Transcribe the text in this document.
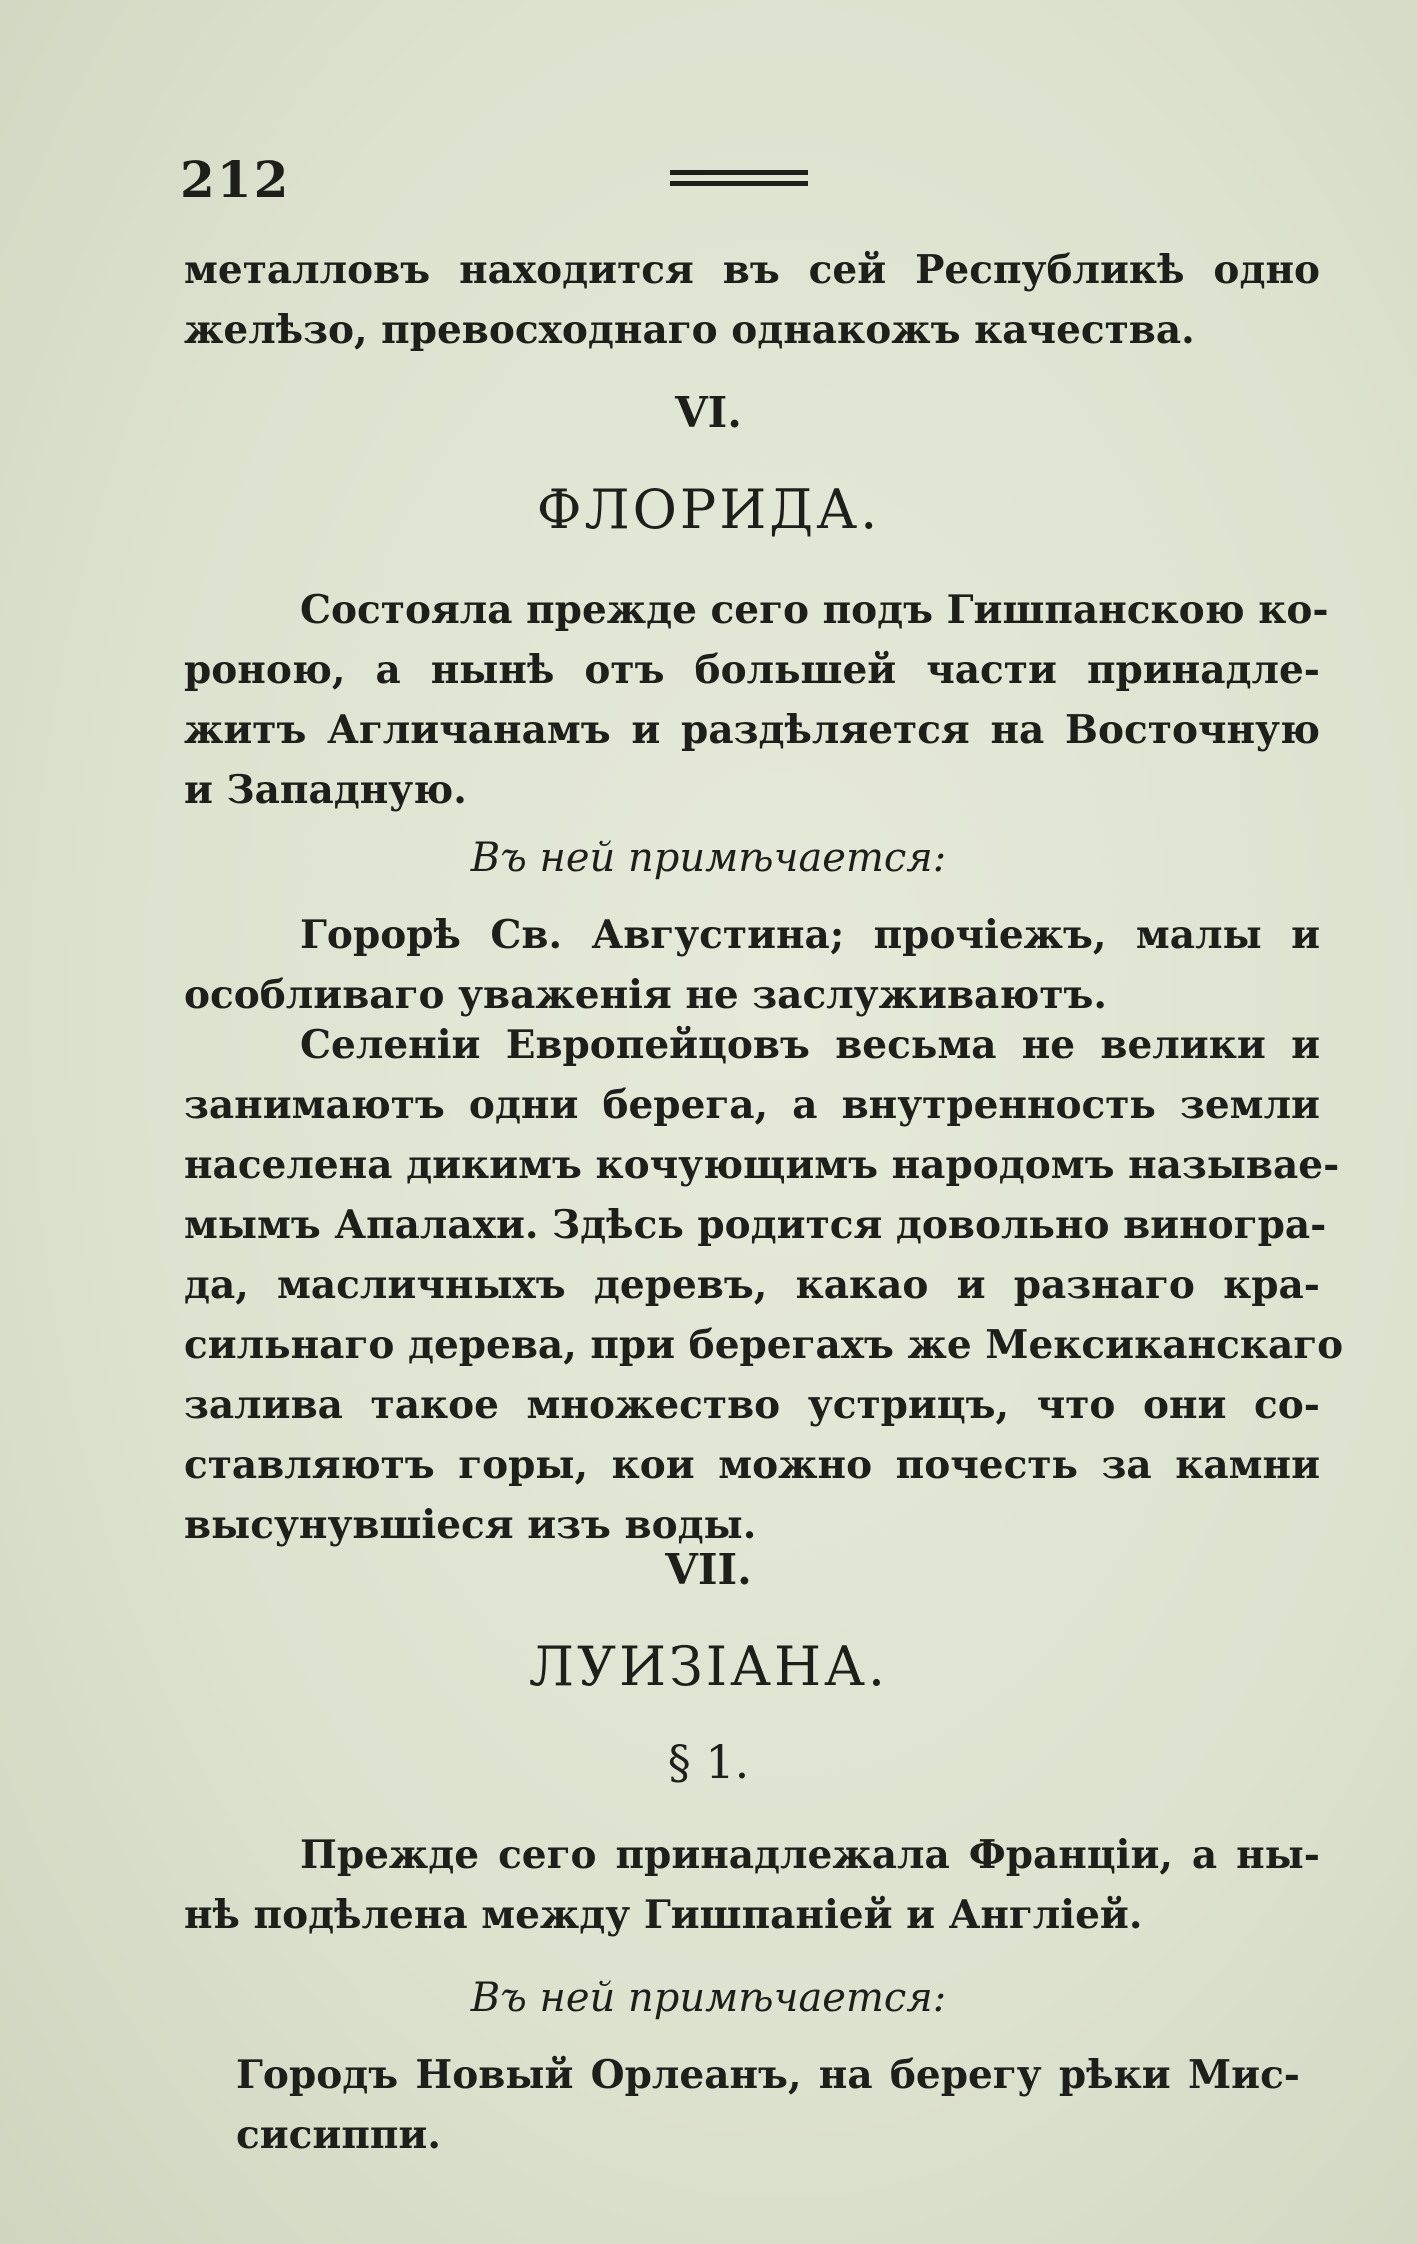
212
металловъ находится въ сей Республикѣ одно
желѣзо, превосходнаго однакожъ качества.
VI.
ФЛОРИДА.
Состояла прежде сего подъ Гишпанскою ко-
роною, а нынѣ отъ большей части принадле-
житъ Агличанамъ и раздѣляется на Восточную
и Западную.
Въ ней примѣчается:
Горорѣ Св. Августина; прочіежъ, малы и
особливаго уваженія не заслуживаютъ.
Селеніи Европейцовъ весьма не велики и
занимаютъ одни берега, а внутренность земли
населена дикимъ кочующимъ народомъ называе-
мымъ Апалахи. Здѣсь родится довольно виногра-
да, масличныхъ деревъ, какао и разнаго кра-
сильнаго дерева, при берегахъ же Мексиканскаго
залива такое множество устрицъ, что они со-
ставляютъ горы, кои можно почесть за камни
высунувшіеся изъ воды.
VII.
ЛУИЗІАНА.
§ 1.
Прежде сего принадлежала Франціи, а ны-
нѣ подѣлена между Гишпаніей и Англіей.
Въ ней примѣчается:
Городъ Новый Орлеанъ, на берегу рѣки Мис-
сисиппи.
